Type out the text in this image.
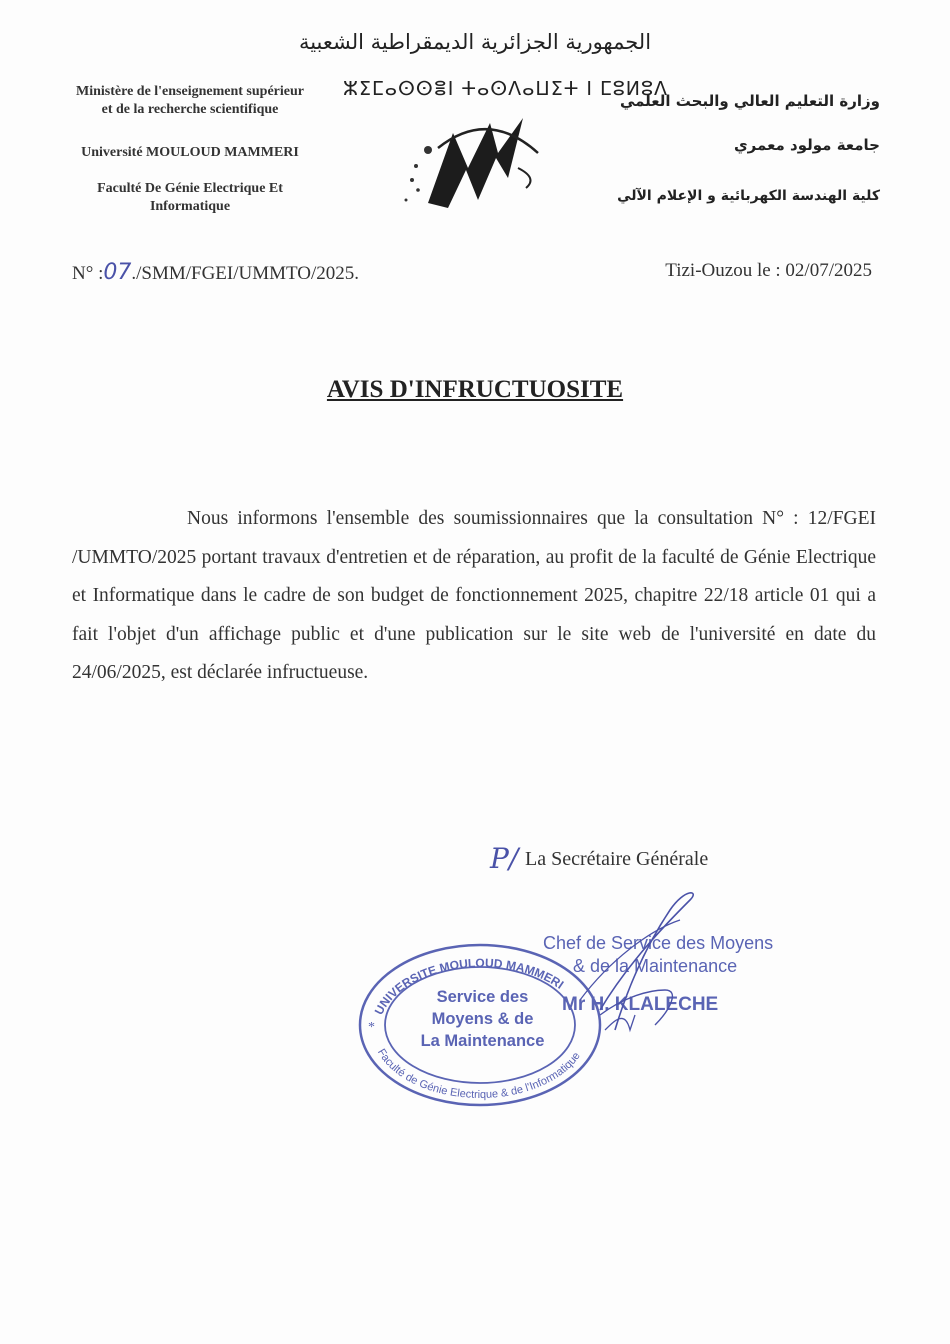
الجمهورية الجزائرية الديمقراطية الشعبية
Ministère de l'enseignement supérieur
et de la recherche scientifique
Université MOULOUD MAMMERI
Faculté De Génie Electrique Et
Informatique
ⵣⵉⵎⴰⵙⵙⴻⵏ ⵜⴰⵙⴷⴰⵡⵉⵜ ⵏ ⵎⵓⵍⵓⴷ
وزارة التعليم العالي والبحث العلمي
جامعة مولود معمري
كلية الهندسة الكهربائية و الإعلام الآلي
N° :07./SMM/FGEI/UMMTO/2025.	Tizi-Ouzou le : 02/07/2025
AVIS D'INFRUCTUOSITE
Nous informons l'ensemble des soumissionnaires que la consultation N° : 12/FGEI /UMMTO/2025 portant travaux d'entretien et de réparation, au profit de la faculté de Génie Electrique et Informatique dans le cadre de son budget de fonctionnement 2025, chapitre 22/18 article 01 qui a fait l'objet d'un affichage public et d'une publication sur le site web de l'université en date du 24/06/2025, est déclarée infructueuse.
P/ La Secrétaire Générale
Chef de Service des Moyens
& de la Maintenance
Mr H. KLALECHE
UNIVERSITE MOULOUD MAMMERI
Faculté de Génie Electrique & de l'Informatique
*
Service des
Moyens & de
La Maintenance
